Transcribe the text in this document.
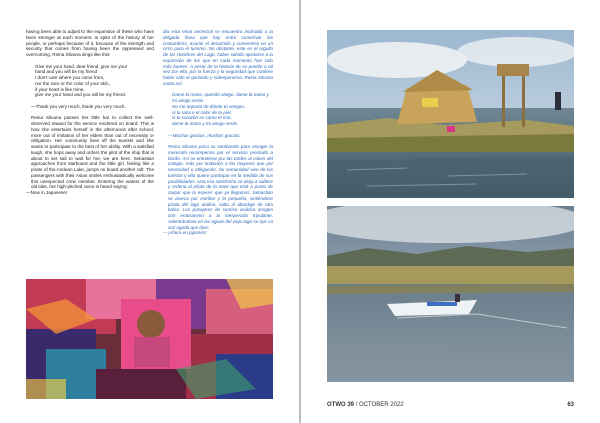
having been able to adjust to the expansion of these who have been stronger at each moment. In spite of the history of her people, or perhaps because of it, because of the strength and security that comes from having been the oppressed and overcoming, Reina Silvana sings like this:

Give me your hand, dear friend, give me your

hand and you will be my friend

I don't care where you come from,

nor the race or the color of your skin,

if your heart is like mine,

give me your hand and you will be my friend.

—Thank you very much, thank you very much.

Reina Silvana passes her little hat to collect the well-deserved reward for the service rendered on board. This is how she entertains herself in the afternoons after school, more out of imitation of her elders than out of necessity or obligation. Her community lives off the tourists and she wants to participate to the best of her ability. With a satisfied laugh, she hops away and orders the pilot of the ship that is about to set sail to wait for her, we are here. Sebastian approaches from starboard and the little girl, feeling like a pirate of the Andean Lake, jumps on board another raft. The passengers with their Asian smiles enthusiastically welcome this unexpected crew member. Entering the waters of the old lake, her high-pitched voice is heard saying:

—Now in Japanese!

dia esta etnia ancestral se encuentra inclinada a la delgada línea que hay entre conservar las costumbres, asumir el desarrollo y convertirse en un circo para el turismo. No obstante, este es el orgullo de los Hombres del Lago, haber sabido ajustarse a la expansión de los que en cada momento han sido más fuertes. A pesar de la historia de su pueblo o tal vez por ella, por la fuerza y la seguridad que confiere haber sido el oprimido y sobreponerse, Reina Silvana canta así:

Dame la mano, querido amigo, dame la mano y

mi amigo serás.

No me importa de dónde tú vengas,

ni la raza o el color de tu piel,

si tu corazón es como el mío,

dame la mano y mi amigo serás.

—Muchas gracias, muchas gracias.

Reina Silvana pasa su sombrerito para recoger la merecida recompensa por el servicio prestado a bordo. Así se entretiene por las tardes al volver del colegio, más por imitación a los mayores que por necesidad u obligación. Su comunidad vive de los turistas y ella quiere participar en la medida de sus posibilidades. Una risa satisfecha se aleja a saltitos y ordena al piloto de la nave que está a punto de zarpar que la espere: que ya llegamos. Sebastián se acerca por estribor y la pequeña, sintiéndose pirata del lago andino, salta al abordaje de otra balsa. Los pasajeros de sonrisa asiática acogen con entusiasmo a la inesperada tripulante. Adentrándose en las aguas del viejo lago se oye su voz aguda que dice:

—¡Ahora en japonés!

OTWO 39 / OCTOBER 2022	63
